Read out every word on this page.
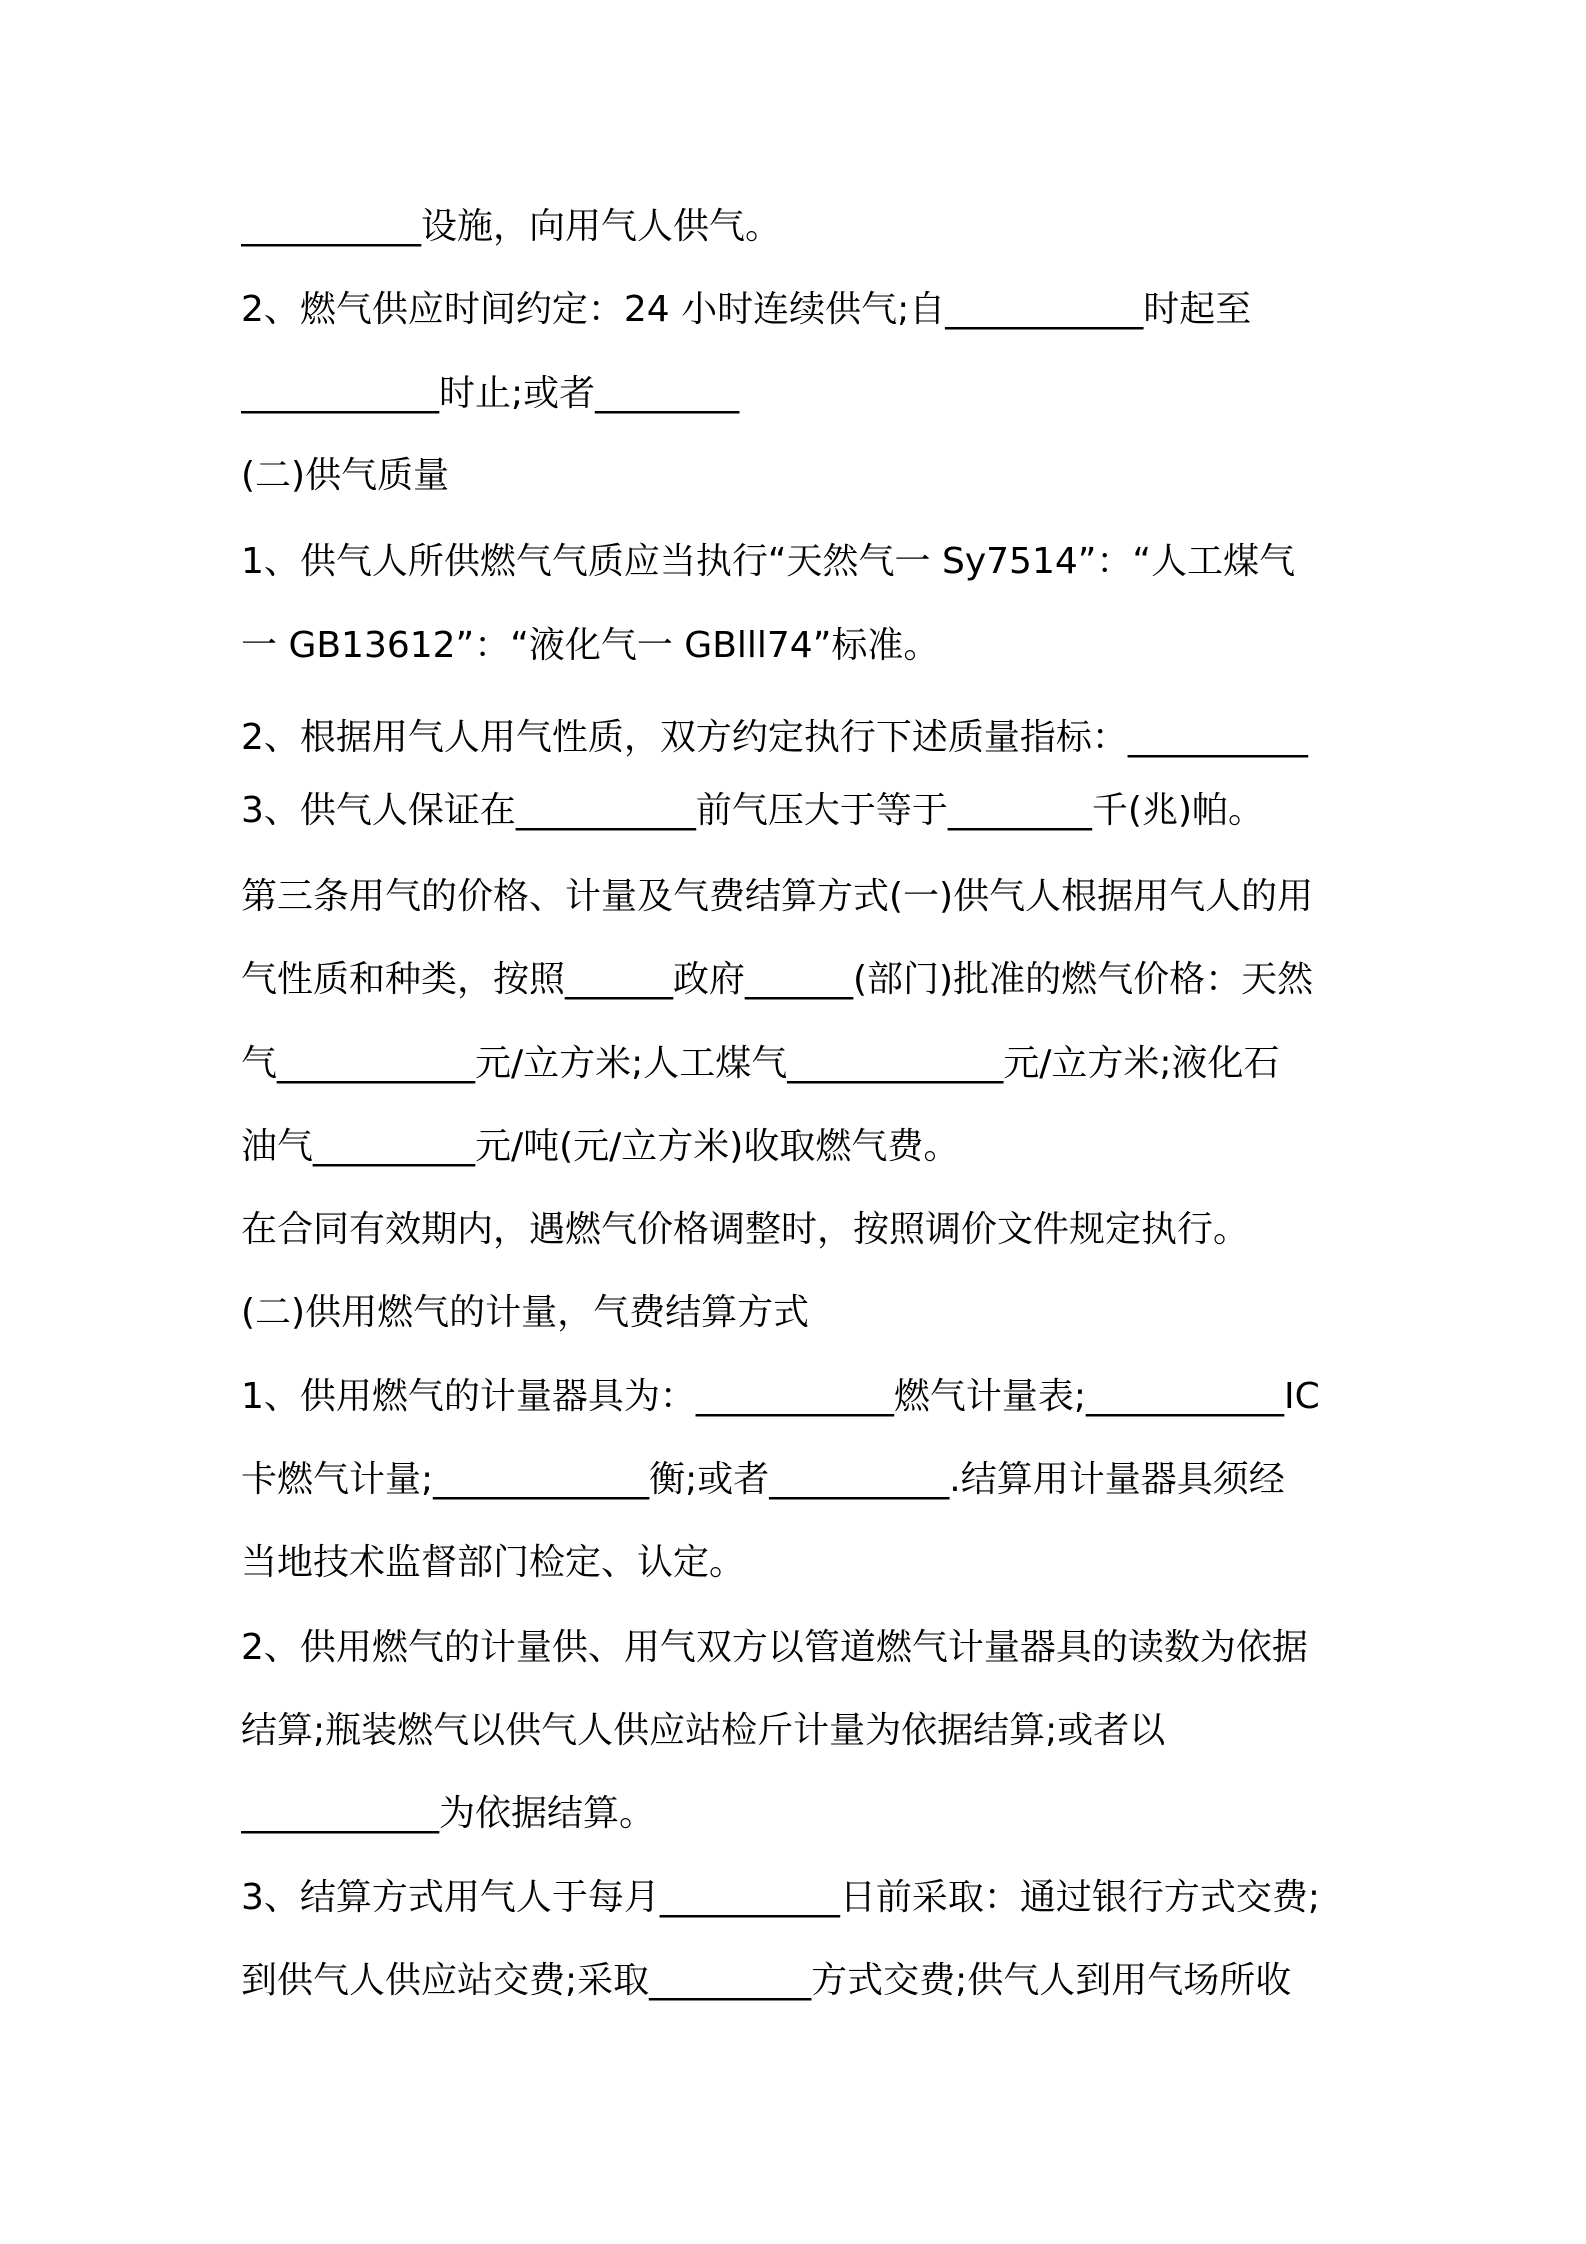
__________设施，向用气人供气。
2、燃气供应时间约定：24 小时连续供气;自___________时起至
___________时止;或者________
(二)供气质量
1、供气人所供燃气气质应当执行“天然气一 Sy7514”：“人工煤气
一 GB13612”：“液化气一 GBlll74”标准。
2、根据用气人用气性质，双方约定执行下述质量指标：__________
3、供气人保证在__________前气压大于等于________千(兆)帕。
第三条用气的价格、计量及气费结算方式(一)供气人根据用气人的用
气性质和种类，按照______政府______(部门)批准的燃气价格：天然
气___________元/立方米;人工煤气____________元/立方米;液化石
油气_________元/吨(元/立方米)收取燃气费。
在合同有效期内，遇燃气价格调整时，按照调价文件规定执行。
(二)供用燃气的计量，气费结算方式
1、供用燃气的计量器具为：___________燃气计量表;___________IC
卡燃气计量;____________衡;或者__________.结算用计量器具须经
当地技术监督部门检定、认定。
2、供用燃气的计量供、用气双方以管道燃气计量器具的读数为依据
结算;瓶装燃气以供气人供应站检斤计量为依据结算;或者以
___________为依据结算。
3、结算方式用气人于每月__________日前采取：通过银行方式交费;
到供气人供应站交费;采取_________方式交费;供气人到用气场所收
